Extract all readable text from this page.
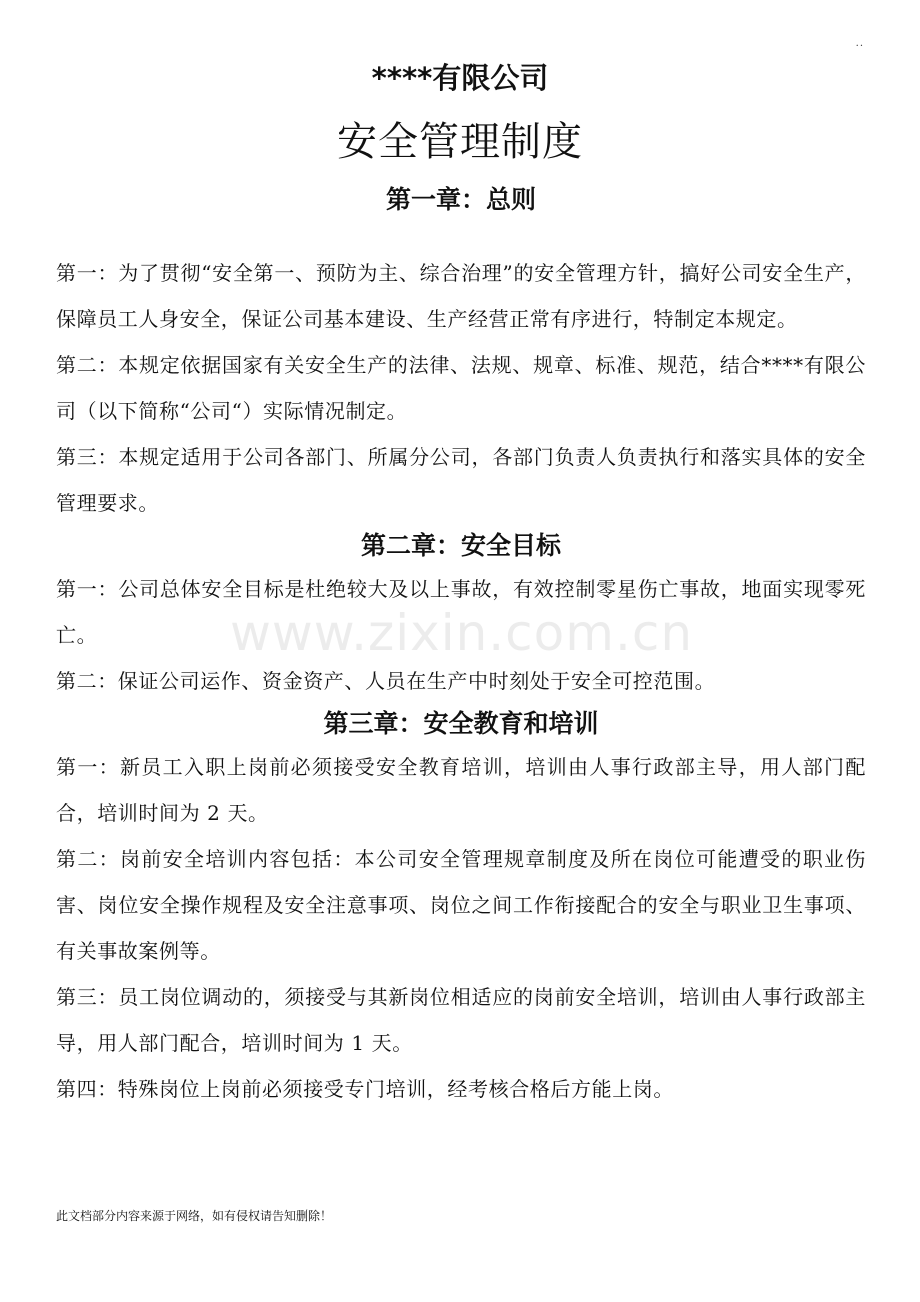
..
****有限公司
安全管理制度
第一章：总则

第一：为了贯彻“安全第一、预防为主、综合治理”的安全管理方针，搞好公司安全生产，保障员工人身安全，保证公司基本建设、生产经营正常有序进行，特制定本规定。

第二：本规定依据国家有关安全生产的法律、法规、规章、标准、规范，结合****有限公司（以下简称“公司“）实际情况制定。

第三：本规定适用于公司各部门、所属分公司，各部门负责人负责执行和落实具体的安全管理要求。

第二章：安全目标

第一：公司总体安全目标是杜绝较大及以上事故，有效控制零星伤亡事故，地面实现零死亡。

第二：保证公司运作、资金资产、人员在生产中时刻处于安全可控范围。

第三章：安全教育和培训

第一：新员工入职上岗前必须接受安全教育培训，培训由人事行政部主导，用人部门配合，培训时间为 2 天。

第二：岗前安全培训内容包括：本公司安全管理规章制度及所在岗位可能遭受的职业伤害、岗位安全操作规程及安全注意事项、岗位之间工作衔接配合的安全与职业卫生事项、有关事故案例等。

第三：员工岗位调动的，须接受与其新岗位相适应的岗前安全培训，培训由人事行政部主导，用人部门配合，培训时间为 1 天。

第四：特殊岗位上岗前必须接受专门培训，经考核合格后方能上岗。

www.zixin.com.cn
此文档部分内容来源于网络，如有侵权请告知删除！
